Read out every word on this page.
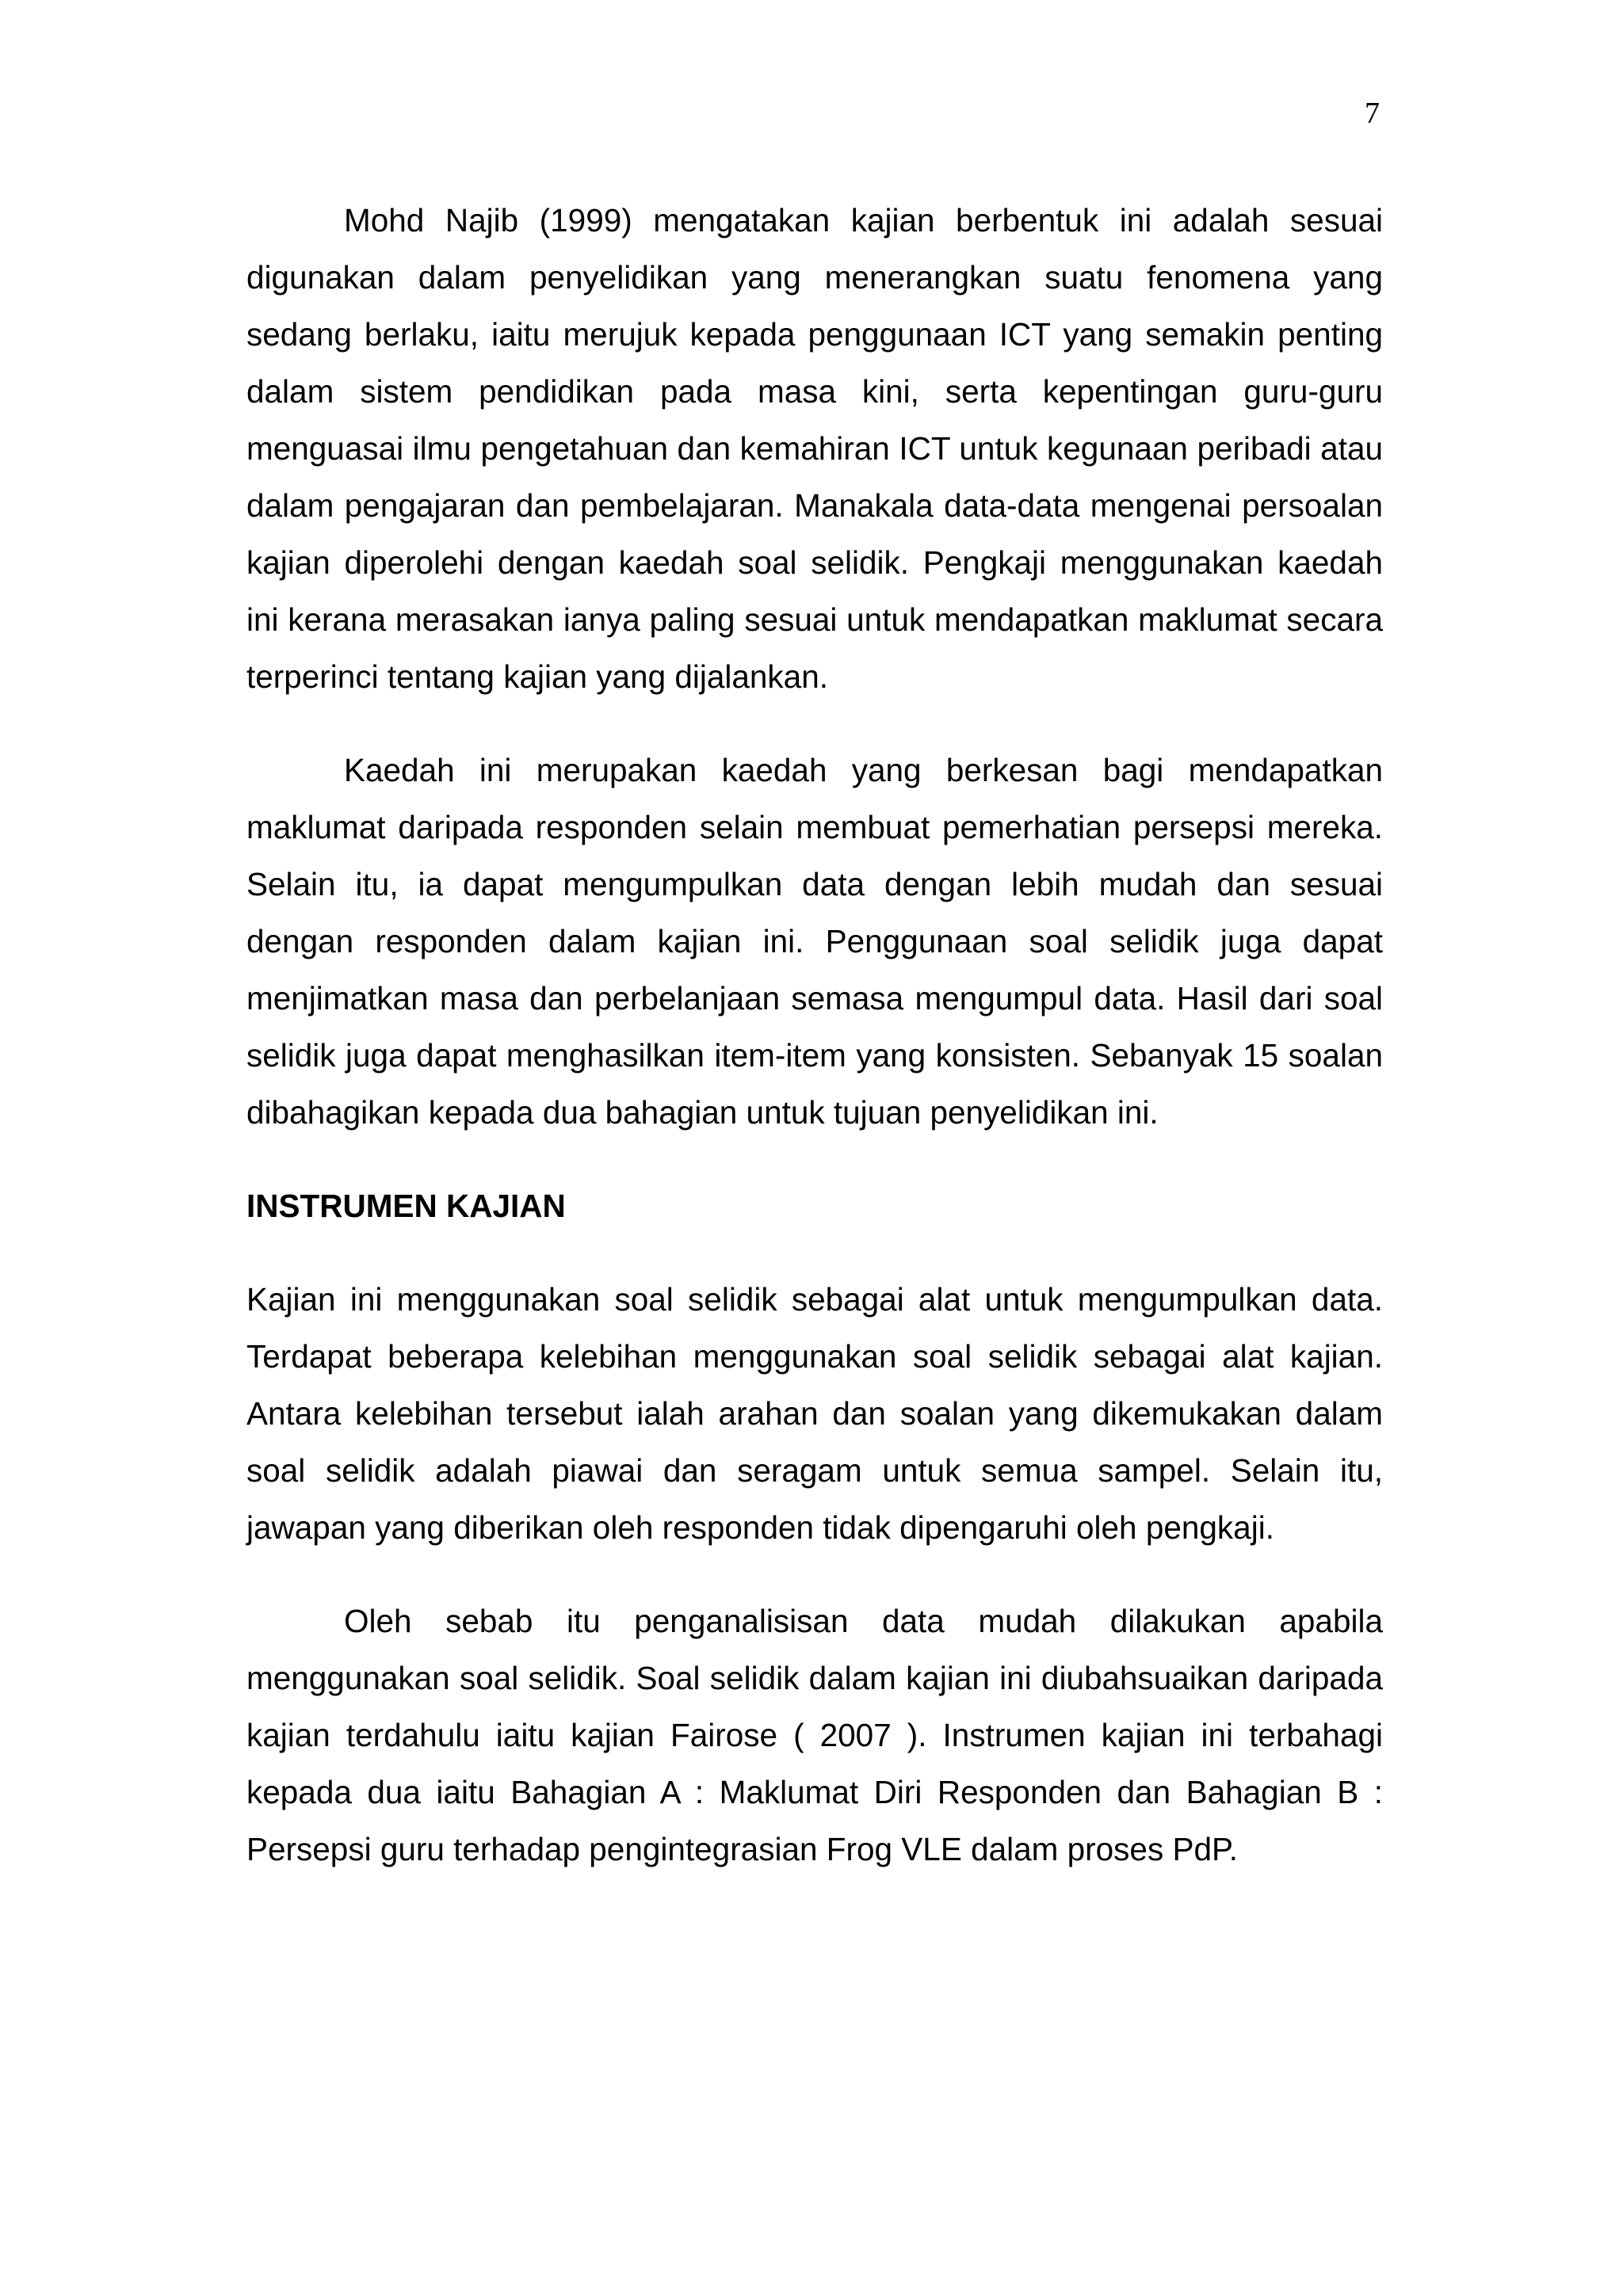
7

Mohd Najib (1999) mengatakan kajian berbentuk ini adalah sesuai digunakan dalam penyelidikan yang menerangkan suatu fenomena yang sedang berlaku, iaitu merujuk kepada penggunaan ICT yang semakin penting dalam sistem pendidikan pada masa kini, serta kepentingan guru-guru menguasai ilmu pengetahuan dan kemahiran ICT untuk kegunaan peribadi atau dalam pengajaran dan pembelajaran. Manakala data-data mengenai persoalan kajian diperolehi dengan kaedah soal selidik. Pengkaji menggunakan kaedah ini kerana merasakan ianya paling sesuai untuk mendapatkan maklumat secara terperinci tentang kajian yang dijalankan.

Kaedah ini merupakan kaedah yang berkesan bagi mendapatkan maklumat daripada responden selain membuat pemerhatian persepsi mereka. Selain itu, ia dapat mengumpulkan data dengan lebih mudah dan sesuai dengan responden dalam kajian ini. Penggunaan soal selidik juga dapat menjimatkan masa dan perbelanjaan semasa mengumpul data. Hasil dari soal selidik juga dapat menghasilkan item-item yang konsisten. Sebanyak 15 soalan dibahagikan kepada dua bahagian untuk tujuan penyelidikan ini.

INSTRUMEN KAJIAN

Kajian ini menggunakan soal selidik sebagai alat untuk mengumpulkan data. Terdapat beberapa kelebihan menggunakan soal selidik sebagai alat kajian. Antara kelebihan tersebut ialah arahan dan soalan yang dikemukakan dalam soal selidik adalah piawai dan seragam untuk semua sampel. Selain itu, jawapan yang diberikan oleh responden tidak dipengaruhi oleh pengkaji.

Oleh sebab itu penganalisisan data mudah dilakukan apabila menggunakan soal selidik. Soal selidik dalam kajian ini diubahsuaikan daripada kajian terdahulu iaitu kajian Fairose ( 2007 ). Instrumen kajian ini terbahagi kepada dua iaitu Bahagian A : Maklumat Diri Responden dan Bahagian B : Persepsi guru terhadap pengintegrasian Frog VLE dalam proses PdP.
